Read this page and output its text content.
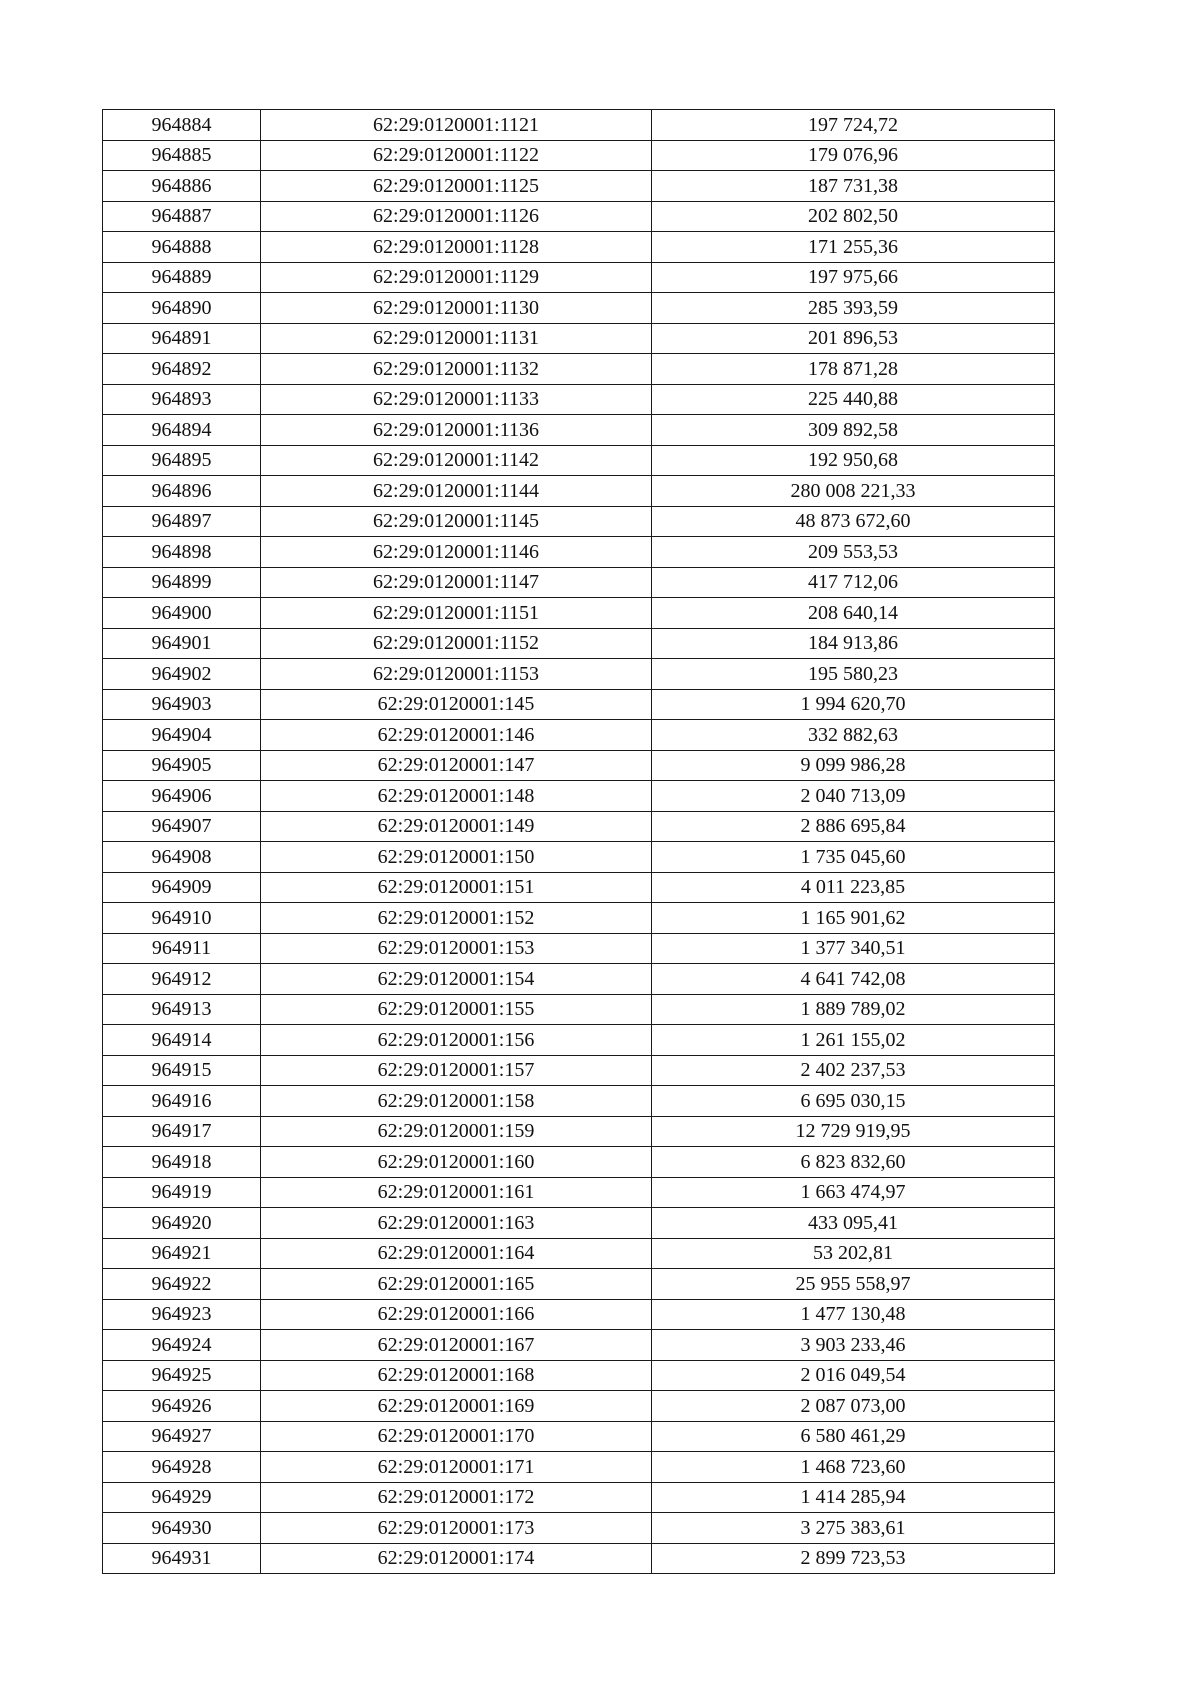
964884	62:29:0120001:1121	197 724,72
964885	62:29:0120001:1122	179 076,96
964886	62:29:0120001:1125	187 731,38
964887	62:29:0120001:1126	202 802,50
964888	62:29:0120001:1128	171 255,36
964889	62:29:0120001:1129	197 975,66
964890	62:29:0120001:1130	285 393,59
964891	62:29:0120001:1131	201 896,53
964892	62:29:0120001:1132	178 871,28
964893	62:29:0120001:1133	225 440,88
964894	62:29:0120001:1136	309 892,58
964895	62:29:0120001:1142	192 950,68
964896	62:29:0120001:1144	280 008 221,33
964897	62:29:0120001:1145	48 873 672,60
964898	62:29:0120001:1146	209 553,53
964899	62:29:0120001:1147	417 712,06
964900	62:29:0120001:1151	208 640,14
964901	62:29:0120001:1152	184 913,86
964902	62:29:0120001:1153	195 580,23
964903	62:29:0120001:145	1 994 620,70
964904	62:29:0120001:146	332 882,63
964905	62:29:0120001:147	9 099 986,28
964906	62:29:0120001:148	2 040 713,09
964907	62:29:0120001:149	2 886 695,84
964908	62:29:0120001:150	1 735 045,60
964909	62:29:0120001:151	4 011 223,85
964910	62:29:0120001:152	1 165 901,62
964911	62:29:0120001:153	1 377 340,51
964912	62:29:0120001:154	4 641 742,08
964913	62:29:0120001:155	1 889 789,02
964914	62:29:0120001:156	1 261 155,02
964915	62:29:0120001:157	2 402 237,53
964916	62:29:0120001:158	6 695 030,15
964917	62:29:0120001:159	12 729 919,95
964918	62:29:0120001:160	6 823 832,60
964919	62:29:0120001:161	1 663 474,97
964920	62:29:0120001:163	433 095,41
964921	62:29:0120001:164	53 202,81
964922	62:29:0120001:165	25 955 558,97
964923	62:29:0120001:166	1 477 130,48
964924	62:29:0120001:167	3 903 233,46
964925	62:29:0120001:168	2 016 049,54
964926	62:29:0120001:169	2 087 073,00
964927	62:29:0120001:170	6 580 461,29
964928	62:29:0120001:171	1 468 723,60
964929	62:29:0120001:172	1 414 285,94
964930	62:29:0120001:173	3 275 383,61
964931	62:29:0120001:174	2 899 723,53
